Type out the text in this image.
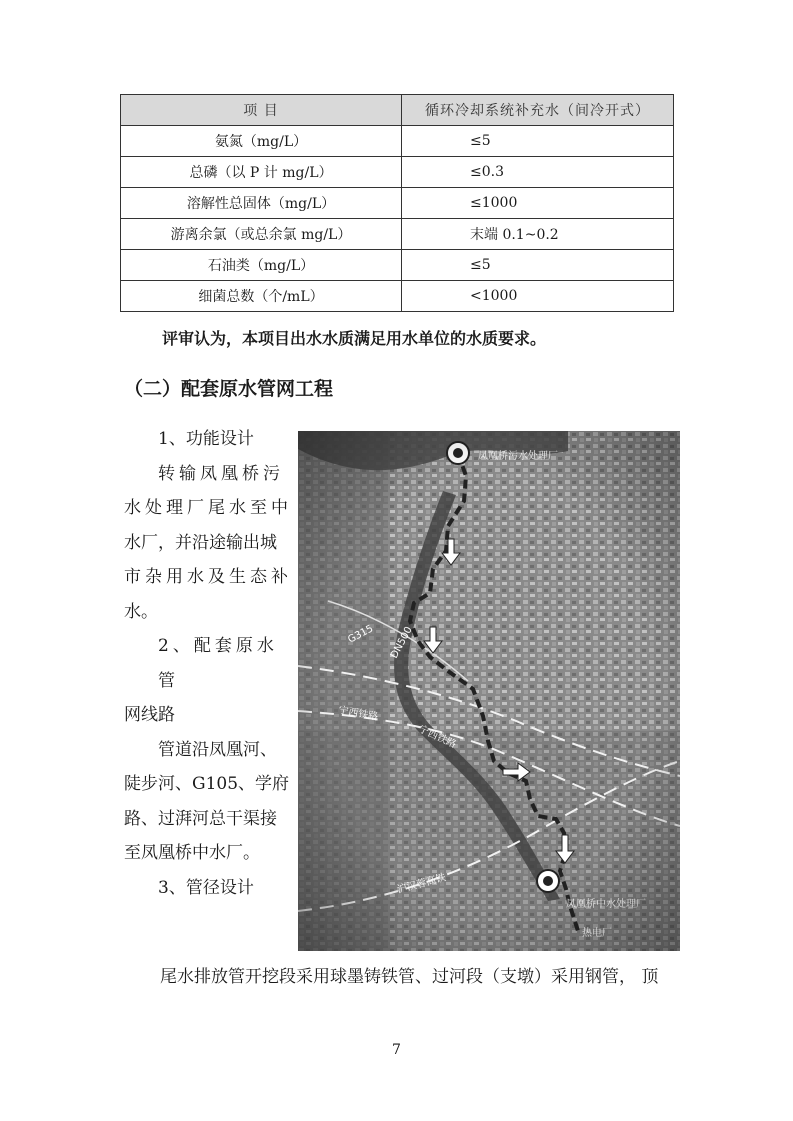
项 目	循环冷却系统补充水（间冷开式）
氨氮（mg/L）	≤5
总磷（以 P 计 mg/L）	≤0.3
溶解性总固体（mg/L）	≤1000
游离余氯（或总余氯 mg/L）	末端 0.1~0.2
石油类（mg/L）	≤5
细菌总数（个/mL）	<1000
评审认为，本项目出水水质满足用水单位的水质要求。
（二）配套原水管网工程

1、功能设计

转输凤凰桥污

水处理厂尾水至中

水厂，并沿途输出城

市杂用水及生态补

水。

2、配套原水管

网线路

管道沿凤凰河、

陡步河、G105、学府

路、过湃河总干渠接

至凤凰桥中水厂。

3、管径设计

尾水排放管开挖段采用球墨铸铁管、过河段（支墩）采用钢管， 顶
7
